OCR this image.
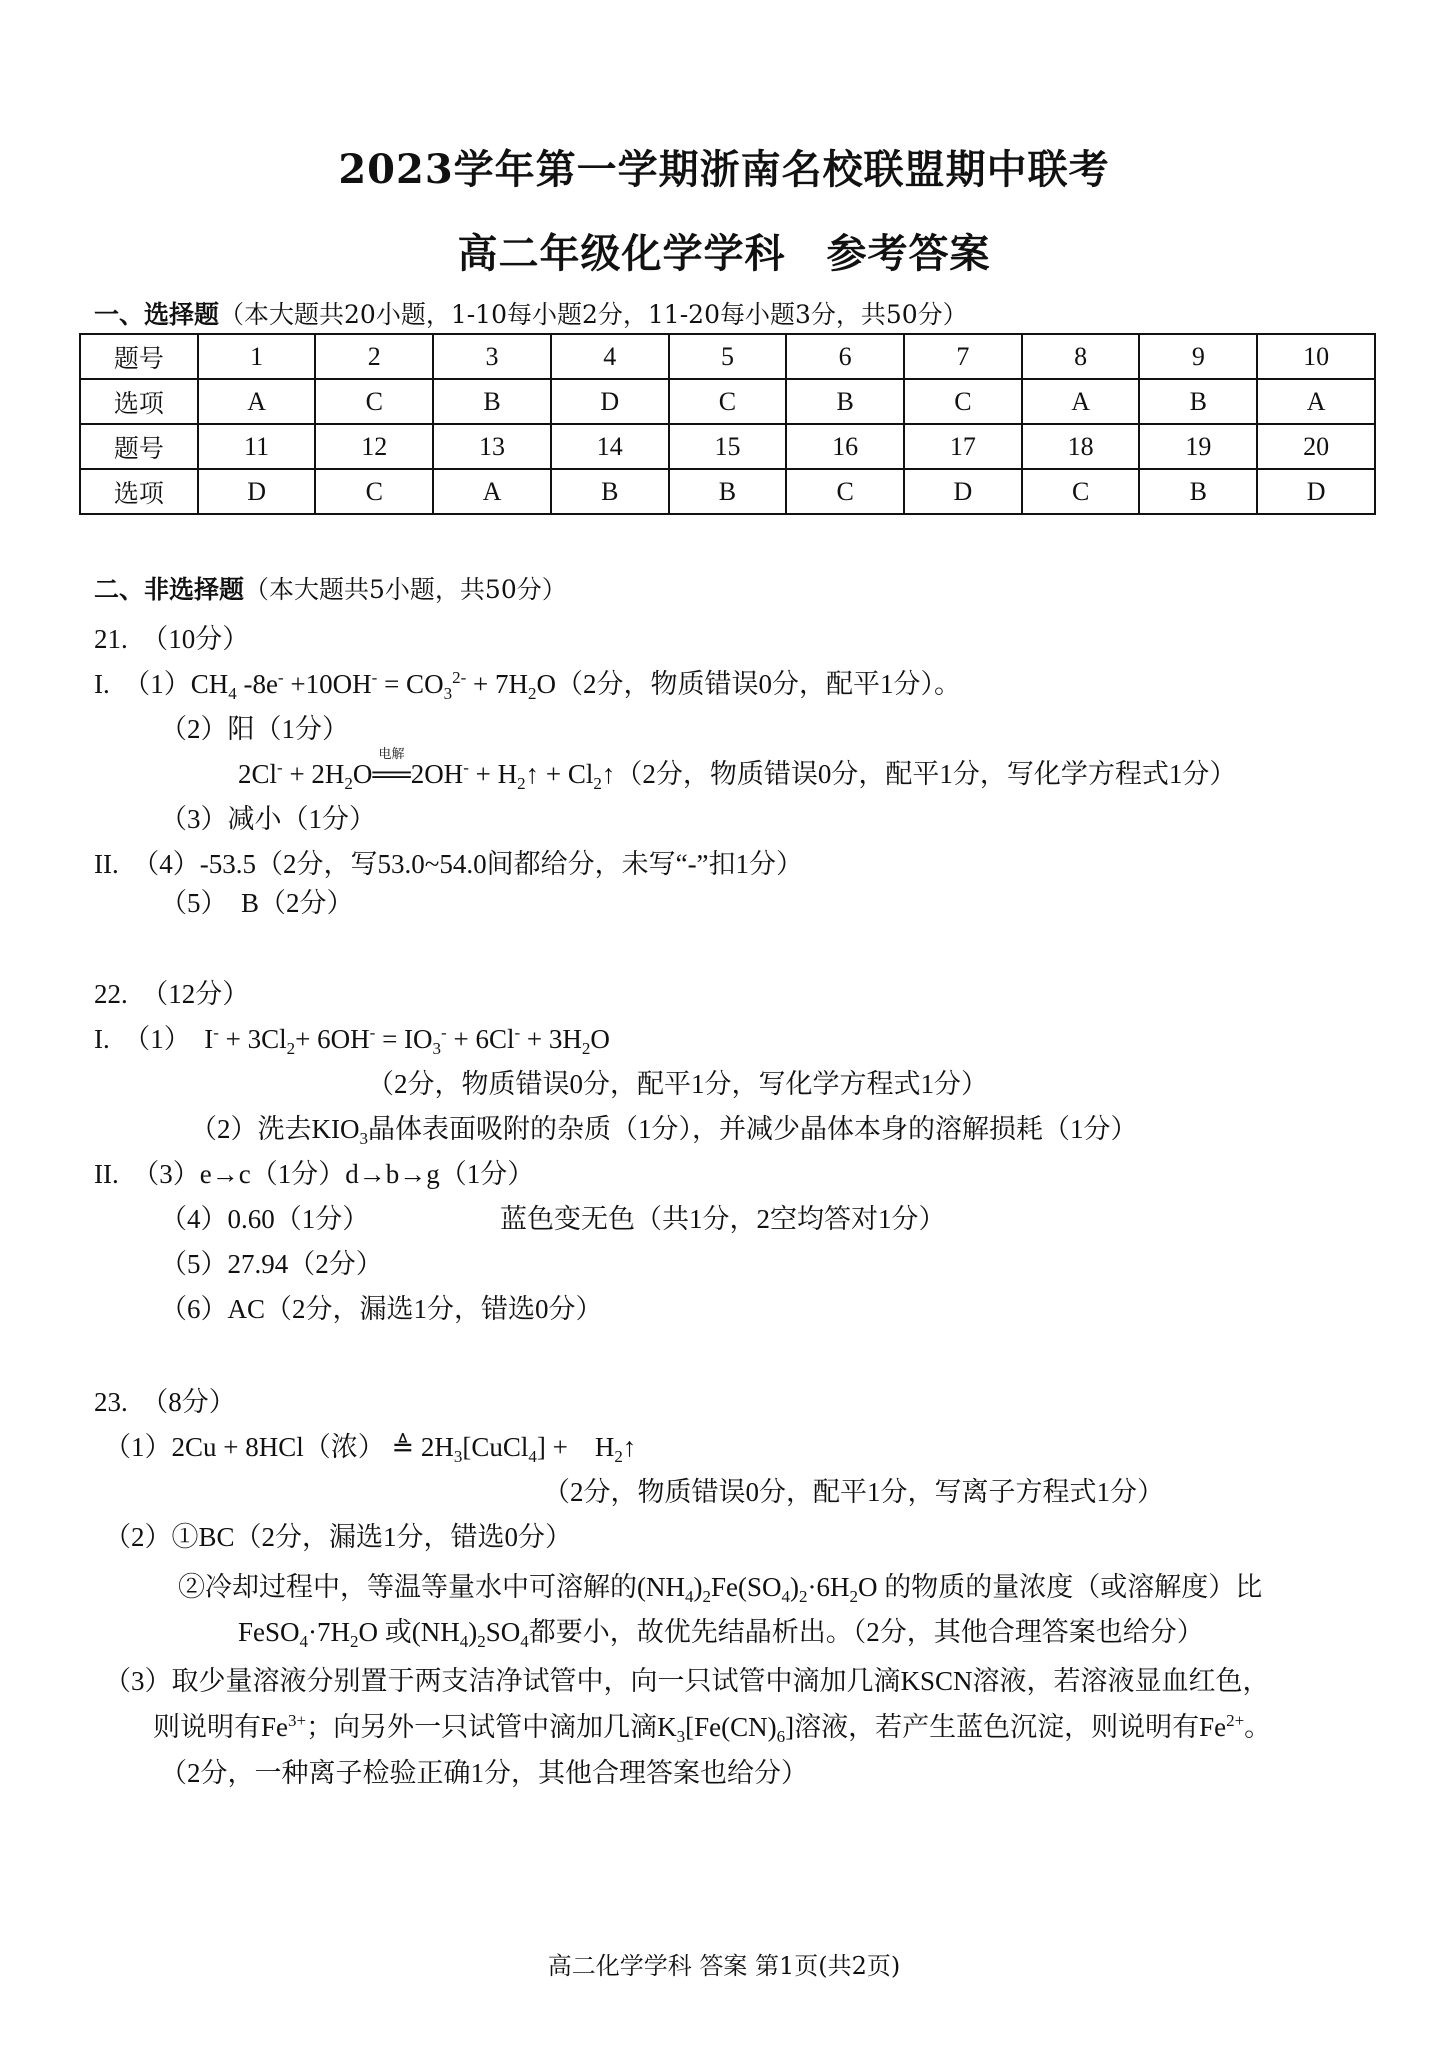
2023学年第一学期浙南名校联盟期中联考
高二年级化学学科　参考答案
一、选择题（本大题共20小题，1-10每小题2分，11-20每小题3分，共50分）
题号	1	2	3	4	5	6	7	8	9	10
选项	A	C	B	D	C	B	C	A	B	A
题号	11	12	13	14	15	16	17	18	19	20
选项	D	C	A	B	B	C	D	C	B	D
二、非选择题（本大题共5小题，共50分）
21.　（10分）
I.　$(1)CH_4$ $-8e^- +10OH^- = CO_3^{2-} + 7H_2O(2$分，物质错误0分，配平1分）。
（2）阳（1分）
$2Cl^- + 2H_2O$
电解
══2OH- + $H_2↑$ + $Cl_2↑(2$分，物质错误0分，配平1分，写化学方程式1分）
（3）减小（1分）
II.　（4）-53.5（2分，写53.0~54.0间都给分，未写“-”扣1分）
（5）　B（2分）
22.　（12分）
I.　（1）　$I^- + 3Cl_2+ 6OH^- = IO_3^- + 6Cl^- + 3H_2O$
（2分，物质错误0分，配平1分，写化学方程式1分）
（2）洗去$KIO_3$晶体表面吸附的杂质（1分），并减少晶体本身的溶解损耗（1分）
II.　（3）e→c（1分）d→b→g（1分）
（4）0.60（1分）	蓝色变无色（共1分，2空均答对1分）
（5）27.94（2分）
（6）AC（2分，漏选1分，错选0分）
23.　（8分）
（1）2Cu + 8HCl（浓） ≜ $2H_3[CuCl_4]$ +　$H_2↑$
（2分，物质错误0分，配平1分，写离子方程式1分）
（2）①BC（2分，漏选1分，错选0分）
②冷却过程中，等温等量水中可溶解的$(NH_4)_2Fe(SO_4)_2\cdot 6H_2O$ 的物质的量浓度（或溶解度）比
$FeSO_4\cdot 7H_2O$ 或$(NH_4)_2SO_4$都要小，故优先结晶析出。（2分，其他合理答案也给分）
（3）取少量溶液分别置于两支洁净试管中，向一只试管中滴加几滴KSCN溶液，若溶液显血红色，
则说明有$Fe^{3+}$；向另外一只试管中滴加几滴$K_3[Fe(CN)_6]$溶液，若产生蓝色沉淀，则说明有$Fe^{2+}$。
（2分，一种离子检验正确1分，其他合理答案也给分）
高二化学学科 答案 第1页(共2页)
